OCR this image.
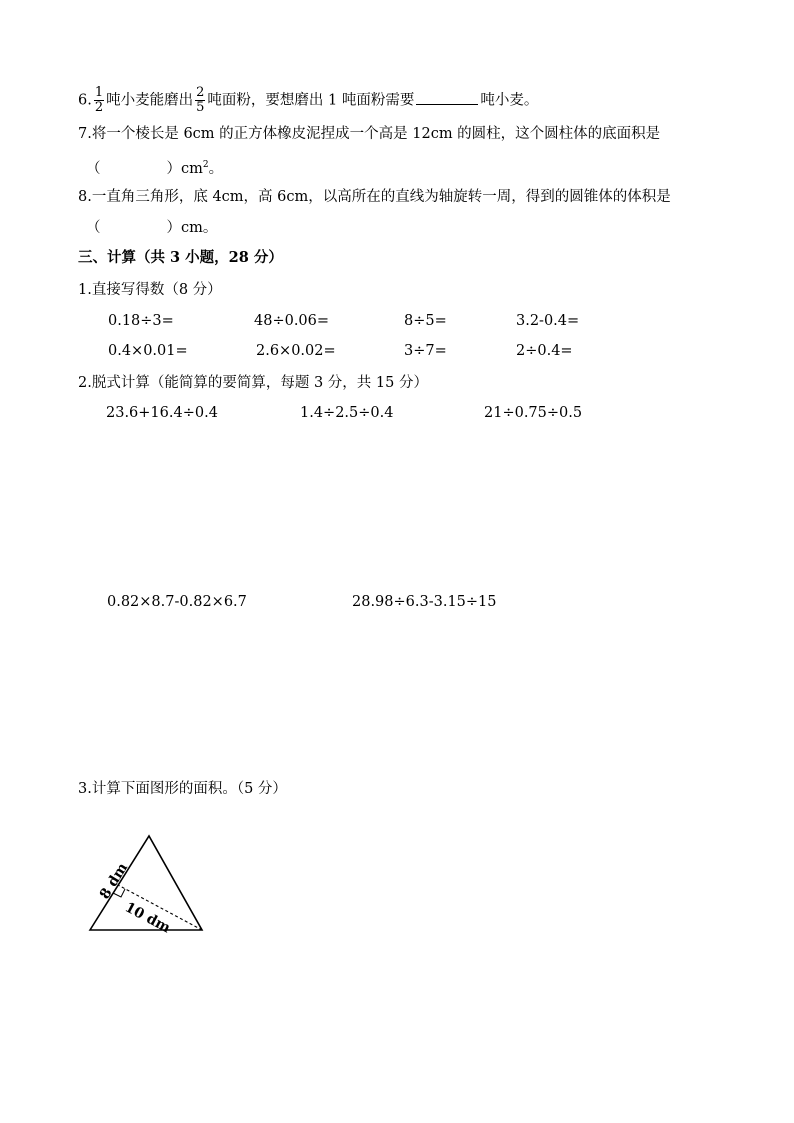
6. $\frac{1}{2}$ 吨小麦能磨出 $\frac{2}{5}$ 吨面粉，要想磨出 1 吨面粉需要	吨小麦。
7.将一个棱长是 6cm 的正方体橡皮泥捏成一个高是 12cm 的圆柱，这个圆柱体的底面积是
（	）$cm^2$。
8.一直角三角形，底 4cm，高 6cm，以高所在的直线为轴旋转一周，得到的圆锥体的体积是
（	）cm。
三、计算（共 3 小题，28 分）
1.直接写得数（8 分）
0.18÷3=	48÷0.06=	8÷5=	3.2-0.4=
0.4×0.01=	2.6×0.02=	3÷7=	2÷0.4=
2.脱式计算（能简算的要简算，每题 3 分，共 15 分）
23.6+16.4÷0.4	1.4÷2.5÷0.4	21÷0.75÷0.5
0.82×8.7-0.82×6.7	28.98÷6.3-3.15÷15
3.计算下面图形的面积。（5 分）
8 dm
10 dm
